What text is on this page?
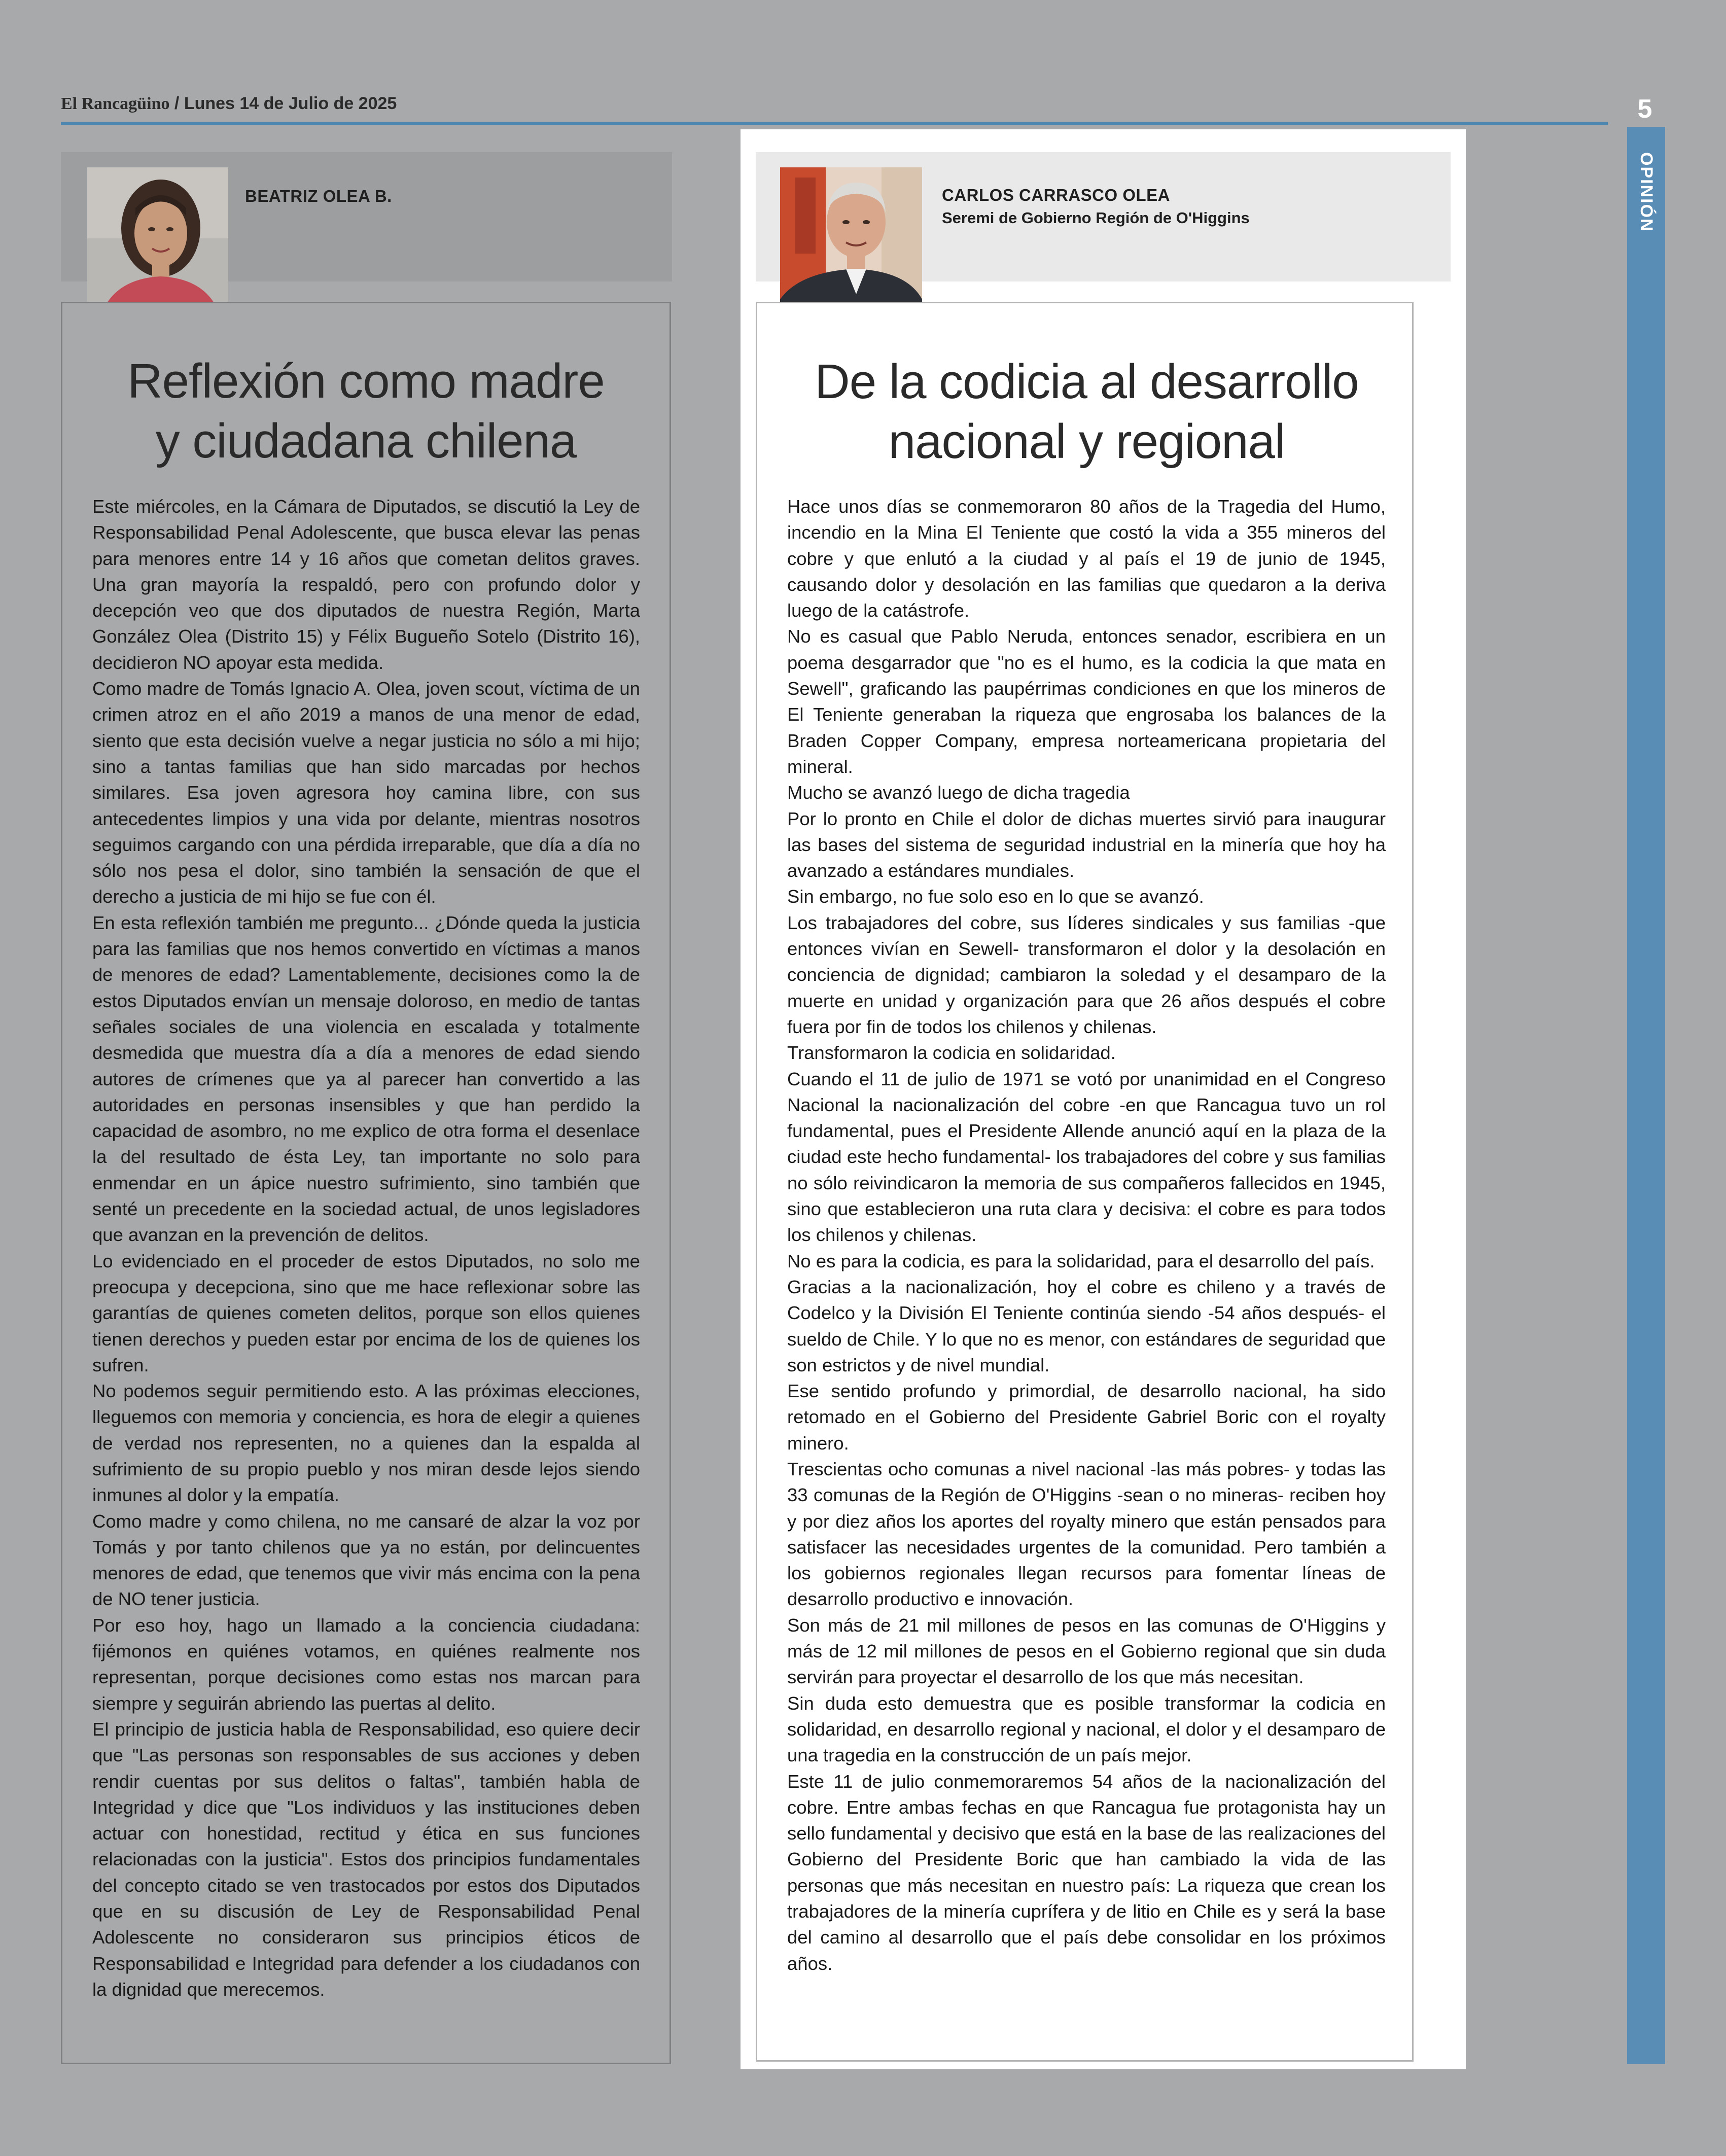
El Rancagüino / Lunes 14 de Julio de 2025	5
OPINIÓN
BEATRIZ OLEA B.
Reflexión como madre
y ciudadana chilena

Este miércoles, en la Cámara de Diputados, se discutió la Ley de Responsabilidad Penal Adolescente, que busca elevar las penas para menores entre 14 y 16 años que cometan delitos graves. Una gran mayoría la respaldó, pero con profundo dolor y decepción veo que dos diputados de nuestra Región, Marta González Olea (Distrito 15) y Félix Bugueño Sotelo (Distrito 16), decidieron NO apoyar esta medida.

Como madre de Tomás Ignacio A. Olea, joven scout, víctima de un crimen atroz en el año 2019 a manos de una menor de edad, siento que esta decisión vuelve a negar justicia no sólo a mi hijo; sino a tantas familias que han sido marcadas por hechos similares. Esa joven agresora hoy camina libre, con sus antecedentes limpios y una vida por delante, mientras nosotros seguimos cargando con una pérdida irreparable, que día a día no sólo nos pesa el dolor, sino también la sensación de que el derecho a justicia de mi hijo se fue con él.

En esta reflexión también me pregunto... ¿Dónde queda la justicia para las familias que nos hemos convertido en víctimas a manos de menores de edad? Lamentablemente, decisiones como la de estos Diputados envían un mensaje doloroso, en medio de tantas señales sociales de una violencia en escalada y totalmente desmedida que muestra día a día a menores de edad siendo autores de crímenes que ya al parecer han convertido a las autoridades en personas insensibles y que han perdido la capacidad de asombro, no me explico de otra forma el desenlace la del resultado de ésta Ley, tan importante no solo para enmendar en un ápice nuestro sufrimiento, sino también que senté un precedente en la sociedad actual, de unos legisladores que avanzan en la prevención de delitos.

Lo evidenciado en el proceder de estos Diputados, no solo me preocupa y decepciona, sino que me hace reflexionar sobre las garantías de quienes cometen delitos, porque son ellos quienes tienen derechos y pueden estar por encima de los de quienes los sufren.

No podemos seguir permitiendo esto. A las próximas elecciones, lleguemos con memoria y conciencia, es hora de elegir a quienes de verdad nos representen, no a quienes dan la espalda al sufrimiento de su propio pueblo y nos miran desde lejos siendo inmunes al dolor y la empatía.

Como madre y como chilena, no me cansaré de alzar la voz por Tomás y por tanto chilenos que ya no están, por delincuentes menores de edad, que tenemos que vivir más encima con la pena de NO tener justicia.

Por eso hoy, hago un llamado a la conciencia ciudadana: fijémonos en quiénes votamos, en quiénes realmente nos representan, porque decisiones como estas nos marcan para siempre y seguirán abriendo las puertas al delito.

El principio de justicia habla de Responsabilidad, eso quiere decir que "Las personas son responsables de sus acciones y deben rendir cuentas por sus delitos o faltas", también habla de Integridad y dice que "Los individuos y las instituciones deben actuar con honestidad, rectitud y ética en sus funciones relacionadas con la justicia". Estos dos principios fundamentales del concepto citado se ven trastocados por estos dos Diputados que en su discusión de Ley de Responsabilidad Penal Adolescente no consideraron sus principios éticos de Responsabilidad e Integridad para defender a los ciudadanos con la dignidad que merecemos.

CARLOS CARRASCO OLEA
Seremi de Gobierno Región de O'Higgins
De la codicia al desarrollo
nacional y regional

Hace unos días se conmemoraron 80 años de la Tragedia del Humo, incendio en la Mina El Teniente que costó la vida a 355 mineros del cobre y que enlutó a la ciudad y al país el 19 de junio de 1945, causando dolor y desolación en las familias que quedaron a la deriva luego de la catástrofe.

No es casual que Pablo Neruda, entonces senador, escribiera en un poema desgarrador que "no es el humo, es la codicia la que mata en Sewell", graficando las paupérrimas condiciones en que los mineros de El Teniente generaban la riqueza que engrosaba los balances de la Braden Copper Company, empresa norteamericana propietaria del mineral.

Mucho se avanzó luego de dicha tragedia

Por lo pronto en Chile el dolor de dichas muertes sirvió para inaugurar las bases del sistema de seguridad industrial en la minería que hoy ha avanzado a estándares mundiales.

Sin embargo, no fue solo eso en lo que se avanzó.

Los trabajadores del cobre, sus líderes sindicales y sus familias -que entonces vivían en Sewell- transformaron el dolor y la desolación en conciencia de dignidad; cambiaron la soledad y el desamparo de la muerte en unidad y organización para que 26 años después el cobre fuera por fin de todos los chilenos y chilenas.

Transformaron la codicia en solidaridad.

Cuando el 11 de julio de 1971 se votó por unanimidad en el Congreso Nacional la nacionalización del cobre -en que Rancagua tuvo un rol fundamental, pues el Presidente Allende anunció aquí en la plaza de la ciudad este hecho fundamental- los trabajadores del cobre y sus familias no sólo reivindicaron la memoria de sus compañeros fallecidos en 1945, sino que establecieron una ruta clara y decisiva: el cobre es para todos los chilenos y chilenas.

No es para la codicia, es para la solidaridad, para el desarrollo del país.

Gracias a la nacionalización, hoy el cobre es chileno y a través de Codelco y la División El Teniente continúa siendo -54 años después- el sueldo de Chile. Y lo que no es menor, con estándares de seguridad que son estrictos y de nivel mundial.

Ese sentido profundo y primordial, de desarrollo nacional, ha sido retomado en el Gobierno del Presidente Gabriel Boric con el royalty minero.

Trescientas ocho comunas a nivel nacional -las más pobres- y todas las 33 comunas de la Región de O'Higgins -sean o no mineras- reciben hoy y por diez años los aportes del royalty minero que están pensados para satisfacer las necesidades urgentes de la comunidad. Pero también a los gobiernos regionales llegan recursos para fomentar líneas de desarrollo productivo e innovación.

Son más de 21 mil millones de pesos en las comunas de O'Higgins y más de 12 mil millones de pesos en el Gobierno regional que sin duda servirán para proyectar el desarrollo de los que más necesitan.

Sin duda esto demuestra que es posible transformar la codicia en solidaridad, en desarrollo regional y nacional, el dolor y el desamparo de una tragedia en la construcción de un país mejor.

Este 11 de julio conmemoraremos 54 años de la nacionalización del cobre. Entre ambas fechas en que Rancagua fue protagonista hay un sello fundamental y decisivo que está en la base de las realizaciones del Gobierno del Presidente Boric que han cambiado la vida de las personas que más necesitan en nuestro país: La riqueza que crean los trabajadores de la minería cuprífera y de litio en Chile es y será la base del camino al desarrollo que el país debe consolidar en los próximos años.
